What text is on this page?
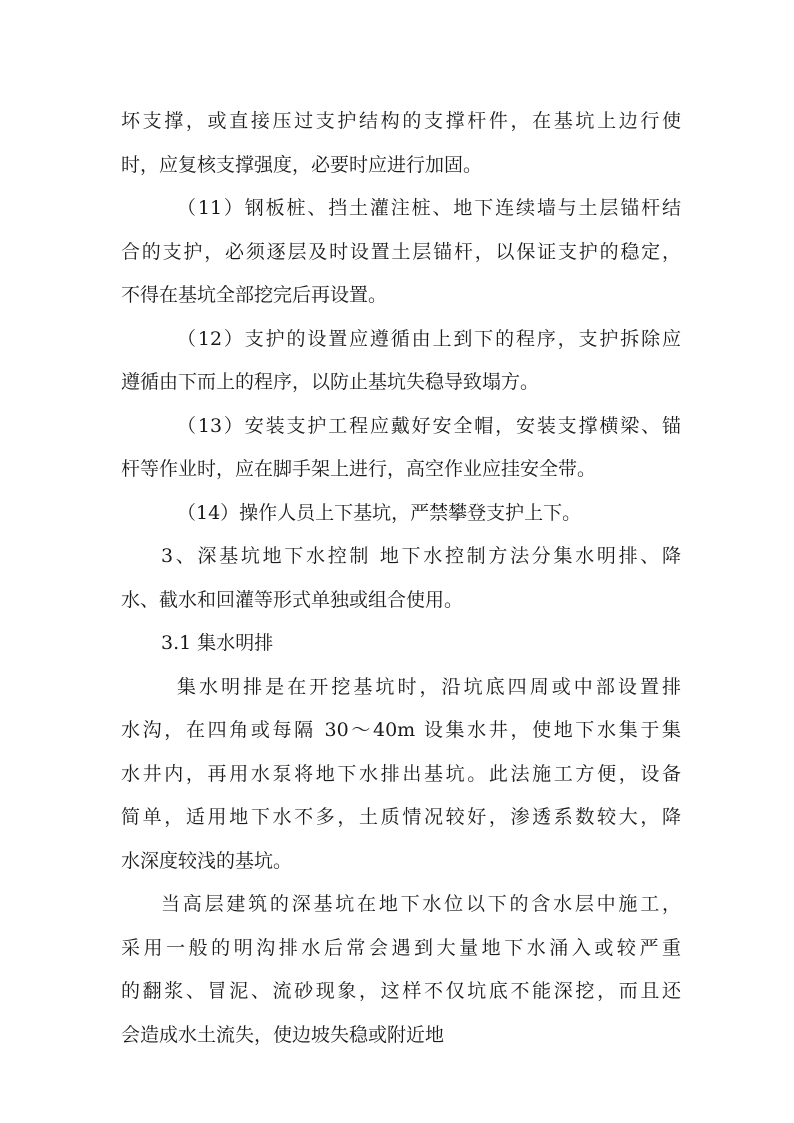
坏支撑，或直接压过支护结构的支撑杆件，在基坑上边行使
时，应复核支撑强度，必要时应进行加固。
（11）钢板桩、挡土灌注桩、地下连续墙与土层锚杆结
合的支护，必须逐层及时设置土层锚杆，以保证支护的稳定，
不得在基坑全部挖完后再设置。
（12）支护的设置应遵循由上到下的程序，支护拆除应
遵循由下而上的程序，以防止基坑失稳导致塌方。
（13）安装支护工程应戴好安全帽，安装支撑横梁、锚
杆等作业时，应在脚手架上进行，高空作业应挂安全带。
（14）操作人员上下基坑，严禁攀登支护上下。
3、深基坑地下水控制 地下水控制方法分集水明排、降
水、截水和回灌等形式单独或组合使用。
3.1 集水明排
集水明排是在开挖基坑时，沿坑底四周或中部设置排
水沟，在四角或每隔 30～40m 设集水井，使地下水集于集
水井内，再用水泵将地下水排出基坑。此法施工方便，设备
简单，适用地下水不多，土质情况较好，渗透系数较大，降
水深度较浅的基坑。
当高层建筑的深基坑在地下水位以下的含水层中施工，
采用一般的明沟排水后常会遇到大量地下水涌入或较严重
的翻浆、冒泥、流砂现象，这样不仅坑底不能深挖，而且还
会造成水土流失，使边坡失稳或附近地
